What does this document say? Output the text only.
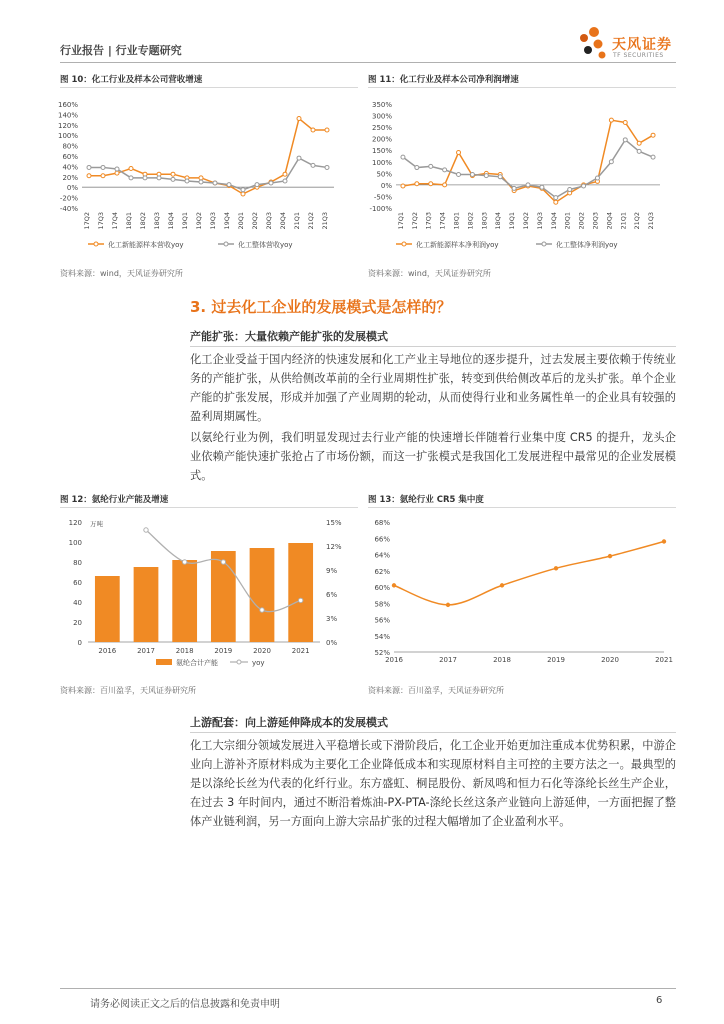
行业报告 | 行业专题研究	天风证券
TF SECURITIES
图 10：化工行业及样本公司营收增速
160%
140%
120%
100%
80%
60%
40%
20%
0%
-20%
-40%
17Q2 17Q3 17Q4 18Q1 18Q2 18Q3 18Q4 19Q1 19Q2 19Q3 19Q4 20Q1 20Q2 20Q3 20Q4 21Q1 21Q2 21Q3
化工新能源样本营收yoy	化工整体营收yoy
资料来源：wind，天风证券研究所
图 11：化工行业及样本公司净利润增速
350%
300%
250%
200%
150%
100%
50%
0%
-50%
-100%
17Q1 17Q2 17Q3 17Q4 18Q1 18Q2 18Q3 18Q4 19Q1 19Q2 19Q3 19Q4 20Q1 20Q2 20Q3 20Q4 21Q1 21Q2 21Q3
化工新能源样本净利润yoy	化工整体净利润yoy
资料来源：wind，天风证券研究所
3. 过去化工企业的发展模式是怎样的？
产能扩张：大量依赖产能扩张的发展模式
化工企业受益于国内经济的快速发展和化工产业主导地位的逐步提升，过去发展主要依赖于传统业务的产能扩张，从供给侧改革前的全行业周期性扩张，转变到供给侧改革后的龙头扩张。单个企业产能的扩张发展，形成并加强了产业周期的轮动，从而使得行业和业务属性单一的企业具有较强的盈利周期属性。
以氨纶行业为例，我们明显发现过去行业产能的快速增长伴随着行业集中度 CR5 的提升，龙头企业依赖产能快速扩张抢占了市场份额，而这一扩张模式是我国化工发展进程中最常见的企业发展模式。
图 12：氨纶行业产能及增速
120
100
80
60
40
20
0
15%
12%
9%
6%
3%
0%
万吨
2016	2017	2018	2019	2020	2021
氨纶合计产能	yoy
资料来源：百川盈孚，天风证券研究所
图 13：氨纶行业 CR5 集中度
68%
66%
64%
62%
60%
58%
56%
54%
52%
2016	2017	2018	2019	2020	2021
资料来源：百川盈孚，天风证券研究所
上游配套：向上游延伸降成本的发展模式
化工大宗细分领域发展进入平稳增长或下滑阶段后，化工企业开始更加注重成本优势积累，中游企业向上游补齐原材料成为主要化工企业降低成本和实现原材料自主可控的主要方法之一。最典型的是以涤纶长丝为代表的化纤行业。东方盛虹、桐昆股份、新凤鸣和恒力石化等涤纶长丝生产企业，在过去 3 年时间内，通过不断沿着炼油-PX-PTA-涤纶长丝这条产业链向上游延伸，一方面把握了整体产业链利润，另一方面向上游大宗品扩张的过程大幅增加了企业盈利水平。
请务必阅读正文之后的信息披露和免责申明	6
